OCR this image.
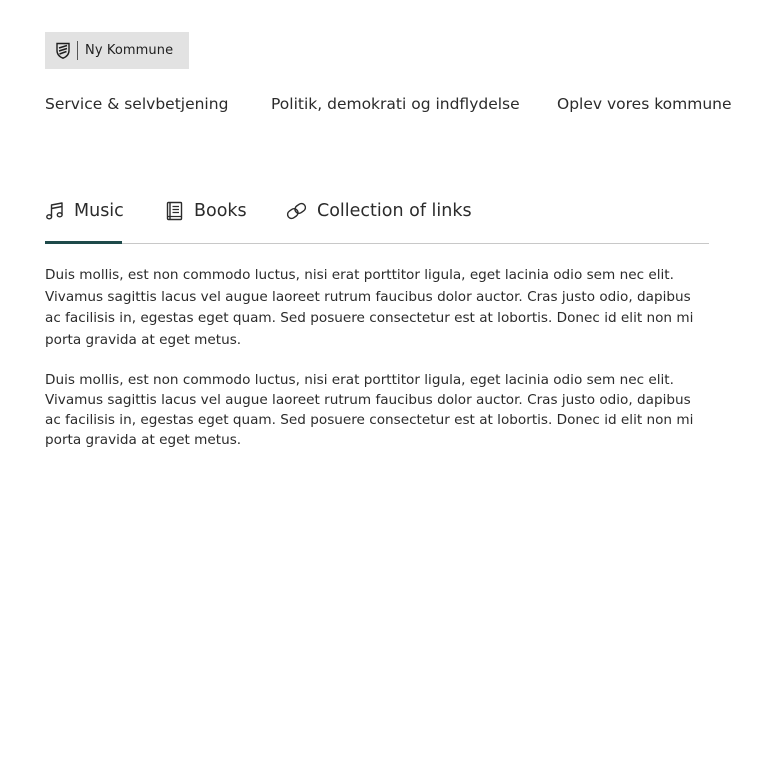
Ny Kommune
Service & selvbetjening	Politik, demokrati og indflydelse Oplev vores kommune
Music	Books	Collection of links

Duis mollis, est non commodo luctus, nisi erat porttitor ligula, eget lacinia odio sem nec elit. Vivamus sagittis lacus vel augue laoreet rutrum faucibus dolor auctor. Cras justo odio, dapibus ac facilisis in, egestas eget quam. Sed posuere consectetur est at lobortis. Donec id elit non mi porta gravida at eget metus.

Duis mollis, est non commodo luctus, nisi erat porttitor ligula, eget lacinia odio sem nec elit. Vivamus sagittis lacus vel augue laoreet rutrum faucibus dolor auctor. Cras justo odio, dapibus ac facilisis in, egestas eget quam. Sed posuere consectetur est at lobortis. Donec id elit non mi porta gravida at eget metus.
